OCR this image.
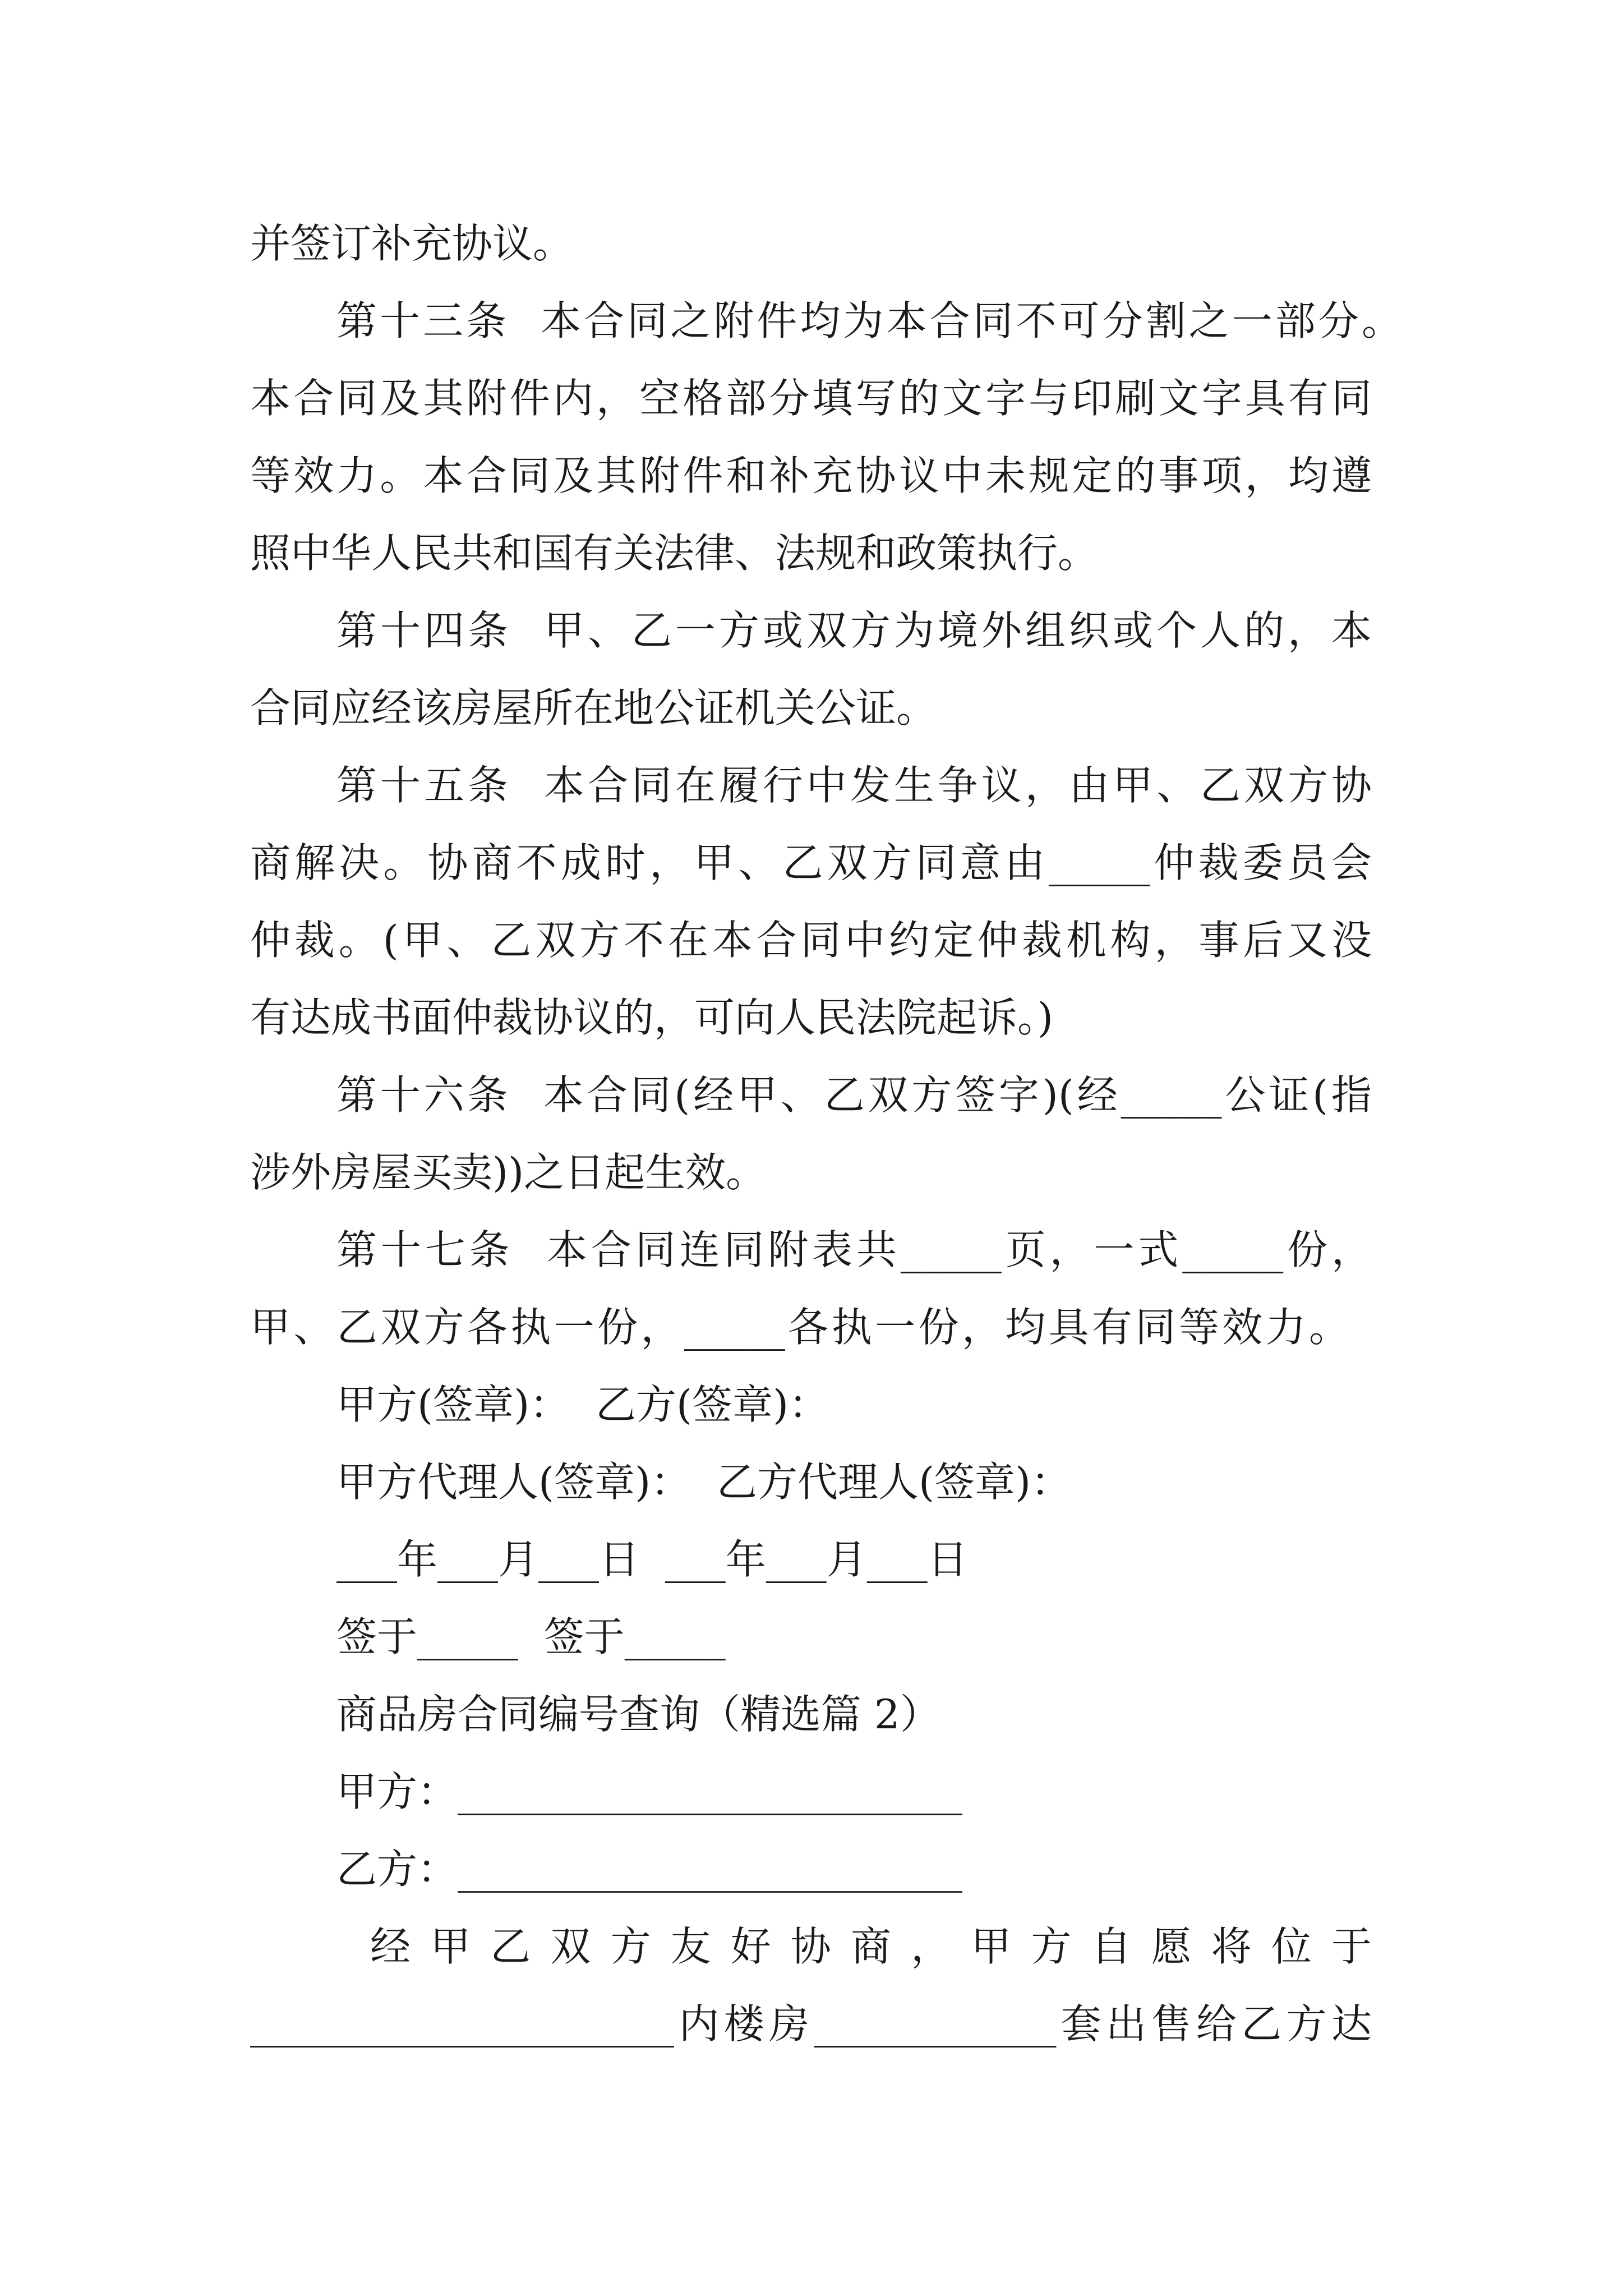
并签订补充协议。
第十三条  本合同之附件均为本合同不可分割之一部分。
本合同及其附件内，空格部分填写的文字与印刷文字具有同
等效力。本合同及其附件和补充协议中未规定的事项，均遵
照中华人民共和国有关法律、法规和政策执行。
第十四条  甲、乙一方或双方为境外组织或个人的，本
合同应经该房屋所在地公证机关公证。
第十五条  本合同在履行中发生争议，由甲、乙双方协
商解决。协商不成时，甲、乙双方同意由_____仲裁委员会
仲裁。(甲、乙双方不在本合同中约定仲裁机构，事后又没
有达成书面仲裁协议的，可向人民法院起诉。)
第十六条  本合同(经甲、乙双方签字)(经_____公证(指
涉外房屋买卖))之日起生效。
第十七条  本合同连同附表共_____页，一式_____份，
甲、乙双方各执一份，_____各执一份，均具有同等效力。
甲方(签章)：  乙方(签章)：
甲方代理人(签章)：  乙方代理人(签章)：
___年___月___日  ___年___月___日
签于_____  签于_____
商品房合同编号查询（精选篇 2）
甲方：_________________________
乙方：_________________________
经甲乙双方友好协商，甲方自愿将位于
_____________________内楼房____________套出售给乙方达
